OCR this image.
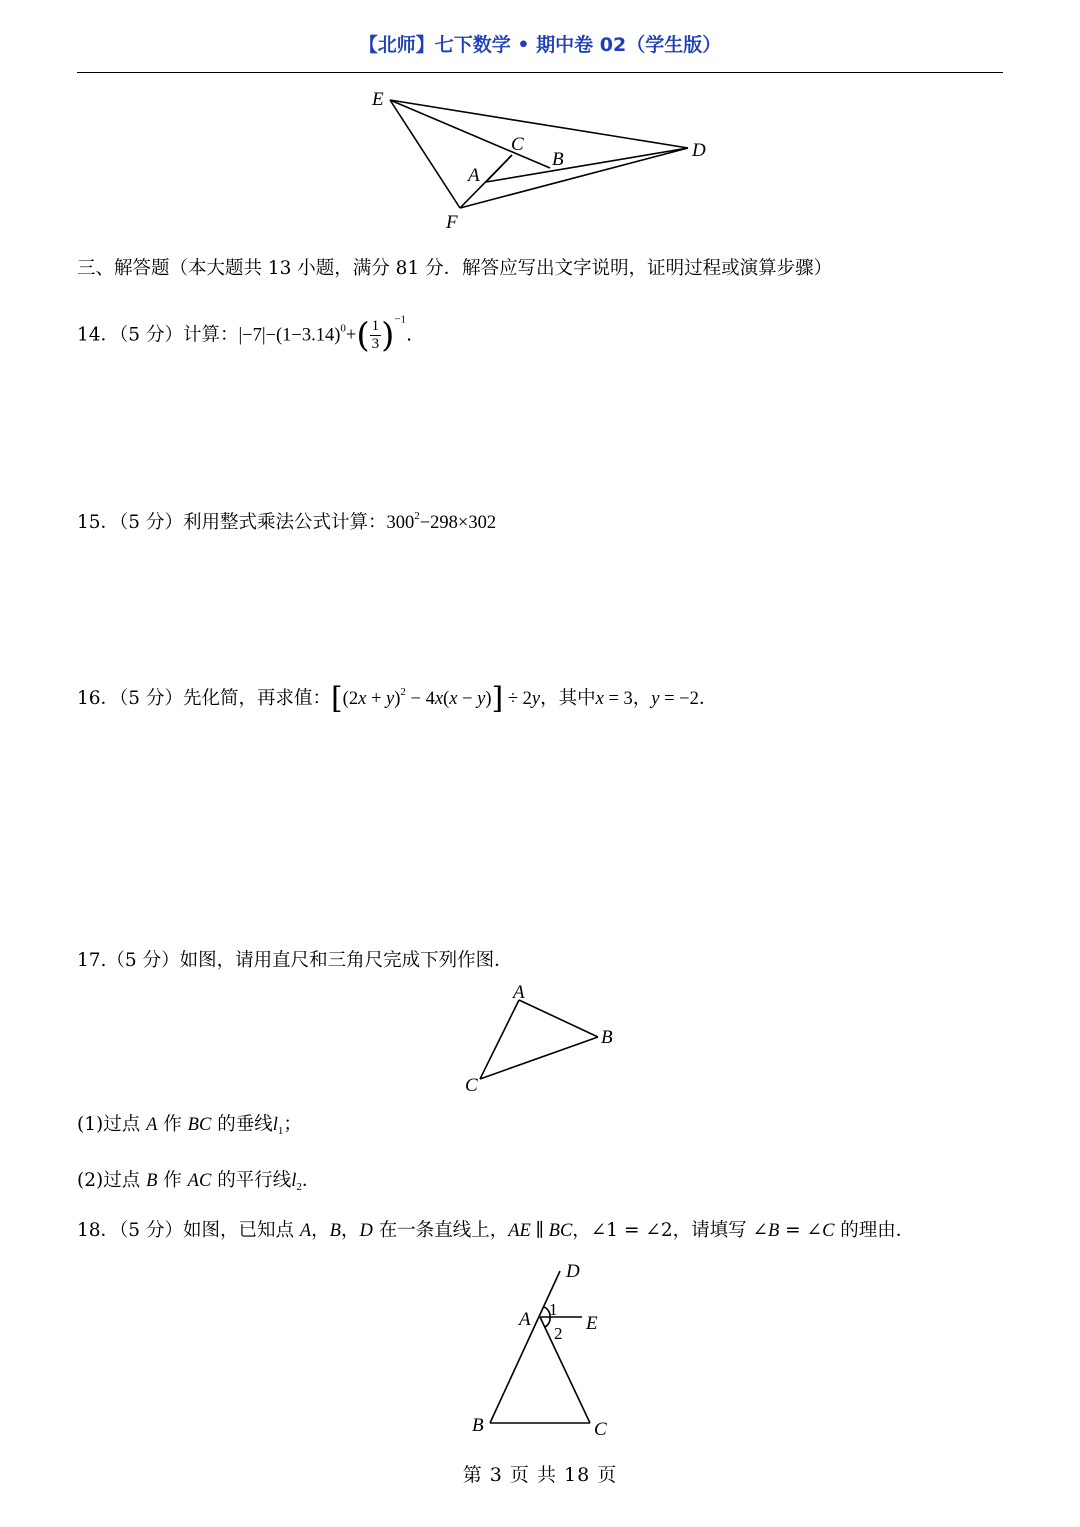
【北师】七下数学 • 期中卷 02（学生版）
E
C
B	D
A
F
三、解答题（本大题共 13 小题，满分 81 分．解答应写出文字说明，证明过程或演算步骤）
14．（5 分）计算：$|-7|-(1-3.14)^0+( \frac{1}{3} )^{-1}$.
15．（5 分）利用整式乘法公式计算：$300^2-298\times 302$
16．（5 分）先化简，再求值：$[(2x + y)^2 - 4x(x - y)] \div 2y$，其中x = 3，y = −2．
17.（5 分）如图，请用直尺和三角尺完成下列作图．
A
B
C
(1)过点 A 作 BC 的垂线$l_1$；
(2)过点 B 作 AC 的平行线$l_2$．
18．（5 分）如图，已知点 A，B，D 在一条直线上，AE ∥ BC，∠1 = ∠2，请填写 ∠B = ∠C 的理由．
D
A 1
E
2
B	C
第 3 页 共 18 页
